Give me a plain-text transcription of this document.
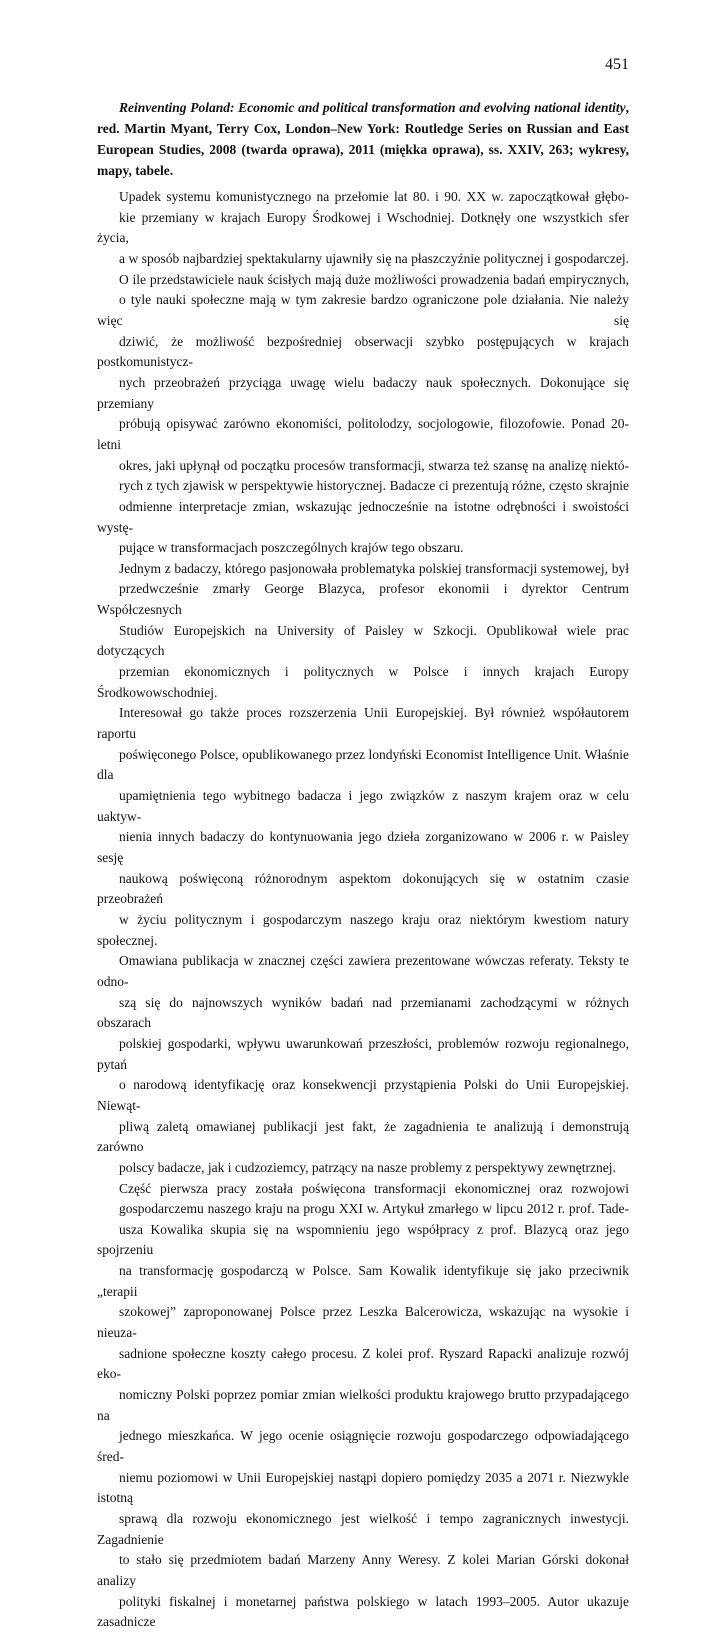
451
Reinventing Poland: Economic and political transformation and evolving national identity, red. Martin Myant, Terry Cox, London–New York: Routledge Series on Russian and East European Studies, 2008 (twarda oprawa), 2011 (miękka oprawa), ss. XXIV, 263; wykresy, mapy, tabele.

Upadek systemu komunistycznego na przełomie lat 80. i 90. XX w. zapoczątkował głębo-
kie przemiany w krajach Europy Środkowej i Wschodniej. Dotknęły one wszystkich sfer życia,
a w sposób najbardziej spektakularny ujawniły się na płaszczyźnie politycznej i gospodarczej.
O ile przedstawiciele nauk ścisłych mają duże możliwości prowadzenia badań empirycznych,
o tyle nauki społeczne mają w tym zakresie bardzo ograniczone pole działania. Nie należy więc się
dziwić, że możliwość bezpośredniej obserwacji szybko postępujących w krajach postkomunistycz-
nych przeobrażeń przyciąga uwagę wielu badaczy nauk społecznych. Dokonujące się przemiany
próbują opisywać zarówno ekonomiści, politolodzy, socjologowie, filozofowie. Ponad 20-letni
okres, jaki upłynął od początku procesów transformacji, stwarza też szansę na analizę niektó-
rych z tych zjawisk w perspektywie historycznej. Badacze ci prezentują różne, często skrajnie
odmienne interpretacje zmian, wskazując jednocześnie na istotne odrębności i swoistości wystę-
pujące w transformacjach poszczególnych krajów tego obszaru.

Jednym z badaczy, którego pasjonowała problematyka polskiej transformacji systemowej, był
przedwcześnie zmarły George Blazyca, profesor ekonomii i dyrektor Centrum Współczesnych
Studiów Europejskich na University of Paisley w Szkocji. Opublikował wiele prac dotyczących
przemian ekonomicznych i politycznych w Polsce i innych krajach Europy Środkowowschodniej.
Interesował go także proces rozszerzenia Unii Europejskiej. Był również współautorem raportu
poświęconego Polsce, opublikowanego przez londyński Economist Intelligence Unit. Właśnie dla
upamiętnienia tego wybitnego badacza i jego związków z naszym krajem oraz w celu uaktyw-
nienia innych badaczy do kontynuowania jego dzieła zorganizowano w 2006 r. w Paisley sesję
naukową poświęconą różnorodnym aspektom dokonujących się w ostatnim czasie przeobrażeń
w życiu politycznym i gospodarczym naszego kraju oraz niektórym kwestiom natury społecznej.
Omawiana publikacja w znacznej części zawiera prezentowane wówczas referaty. Teksty te odno-
szą się do najnowszych wyników badań nad przemianami zachodzącymi w różnych obszarach
polskiej gospodarki, wpływu uwarunkowań przeszłości, problemów rozwoju regionalnego, pytań
o narodową identyfikację oraz konsekwencji przystąpienia Polski do Unii Europejskiej. Niewąt-
pliwą zaletą omawianej publikacji jest fakt, że zagadnienia te analizują i demonstrują zarówno
polscy badacze, jak i cudzoziemcy, patrzący na nasze problemy z perspektywy zewnętrznej.

Część pierwsza pracy została poświęcona transformacji ekonomicznej oraz rozwojowi
gospodarczemu naszego kraju na progu XXI w. Artykuł zmarłego w lipcu 2012 r. prof. Tade-
usza Kowalika skupia się na wspomnieniu jego współpracy z prof. Blazycą oraz jego spojrzeniu
na transformację gospodarczą w Polsce. Sam Kowalik identyfikuje się jako przeciwnik „terapii
szokowej” zaproponowanej Polsce przez Leszka Balcerowicza, wskazując na wysokie i nieuza-
sadnione społeczne koszty całego procesu. Z kolei prof. Ryszard Rapacki analizuje rozwój eko-
nomiczny Polski poprzez pomiar zmian wielkości produktu krajowego brutto przypadającego na
jednego mieszkańca. W jego ocenie osiągnięcie rozwoju gospodarczego odpowiadającego śred-
niemu poziomowi w Unii Europejskiej nastąpi dopiero pomiędzy 2035 a 2071 r. Niezwykle istotną
sprawą dla rozwoju ekonomicznego jest wielkość i tempo zagranicznych inwestycji. Zagadnienie
to stało się przedmiotem badań Marzeny Anny Weresy. Z kolei Marian Górski dokonał analizy
polityki fiskalnej i monetarnej państwa polskiego w latach 1993–2005. Autor ukazuje zasadnicze
